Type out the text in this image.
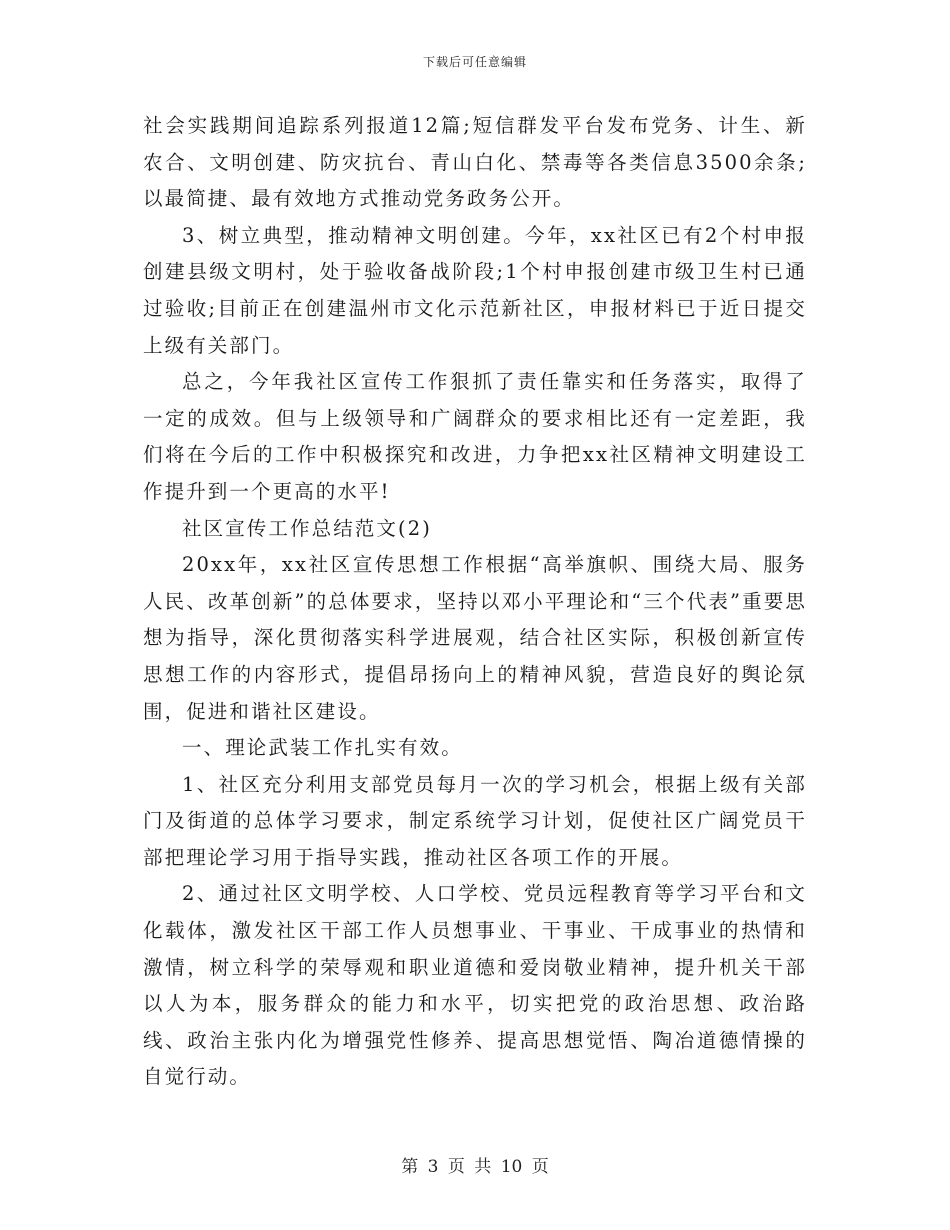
下载后可任意编辑

社会实践期间追踪系列报道12篇;短信群发平台发布党务、计生、新农合、文明创建、防灾抗台、青山白化、禁毒等各类信息3500余条;以最简捷、最有效地方式推动党务政务公开。

3、树立典型，推动精神文明创建。今年，xx社区已有2个村申报创建县级文明村，处于验收备战阶段;1个村申报创建市级卫生村已通过验收;目前正在创建温州市文化示范新社区，申报材料已于近日提交上级有关部门。

总之，今年我社区宣传工作狠抓了责任靠实和任务落实，取得了一定的成效。但与上级领导和广阔群众的要求相比还有一定差距，我们将在今后的工作中积极探究和改进，力争把xx社区精神文明建设工作提升到一个更高的水平!

社区宣传工作总结范文(2)

20xx年，xx社区宣传思想工作根据“高举旗帜、围绕大局、服务人民、改革创新”的总体要求，坚持以邓小平理论和“三个代表”重要思想为指导，深化贯彻落实科学进展观，结合社区实际，积极创新宣传思想工作的内容形式，提倡昂扬向上的精神风貌，营造良好的舆论氛围，促进和谐社区建设。

一、理论武装工作扎实有效。

1、社区充分利用支部党员每月一次的学习机会，根据上级有关部门及街道的总体学习要求，制定系统学习计划，促使社区广阔党员干部把理论学习用于指导实践，推动社区各项工作的开展。

2、通过社区文明学校、人口学校、党员远程教育等学习平台和文化载体，激发社区干部工作人员想事业、干事业、干成事业的热情和激情，树立科学的荣辱观和职业道德和爱岗敬业精神，提升机关干部以人为本，服务群众的能力和水平，切实把党的政治思想、政治路线、政治主张内化为增强党性修养、提高思想觉悟、陶冶道德情操的自觉行动。

第 3 页 共 10 页
